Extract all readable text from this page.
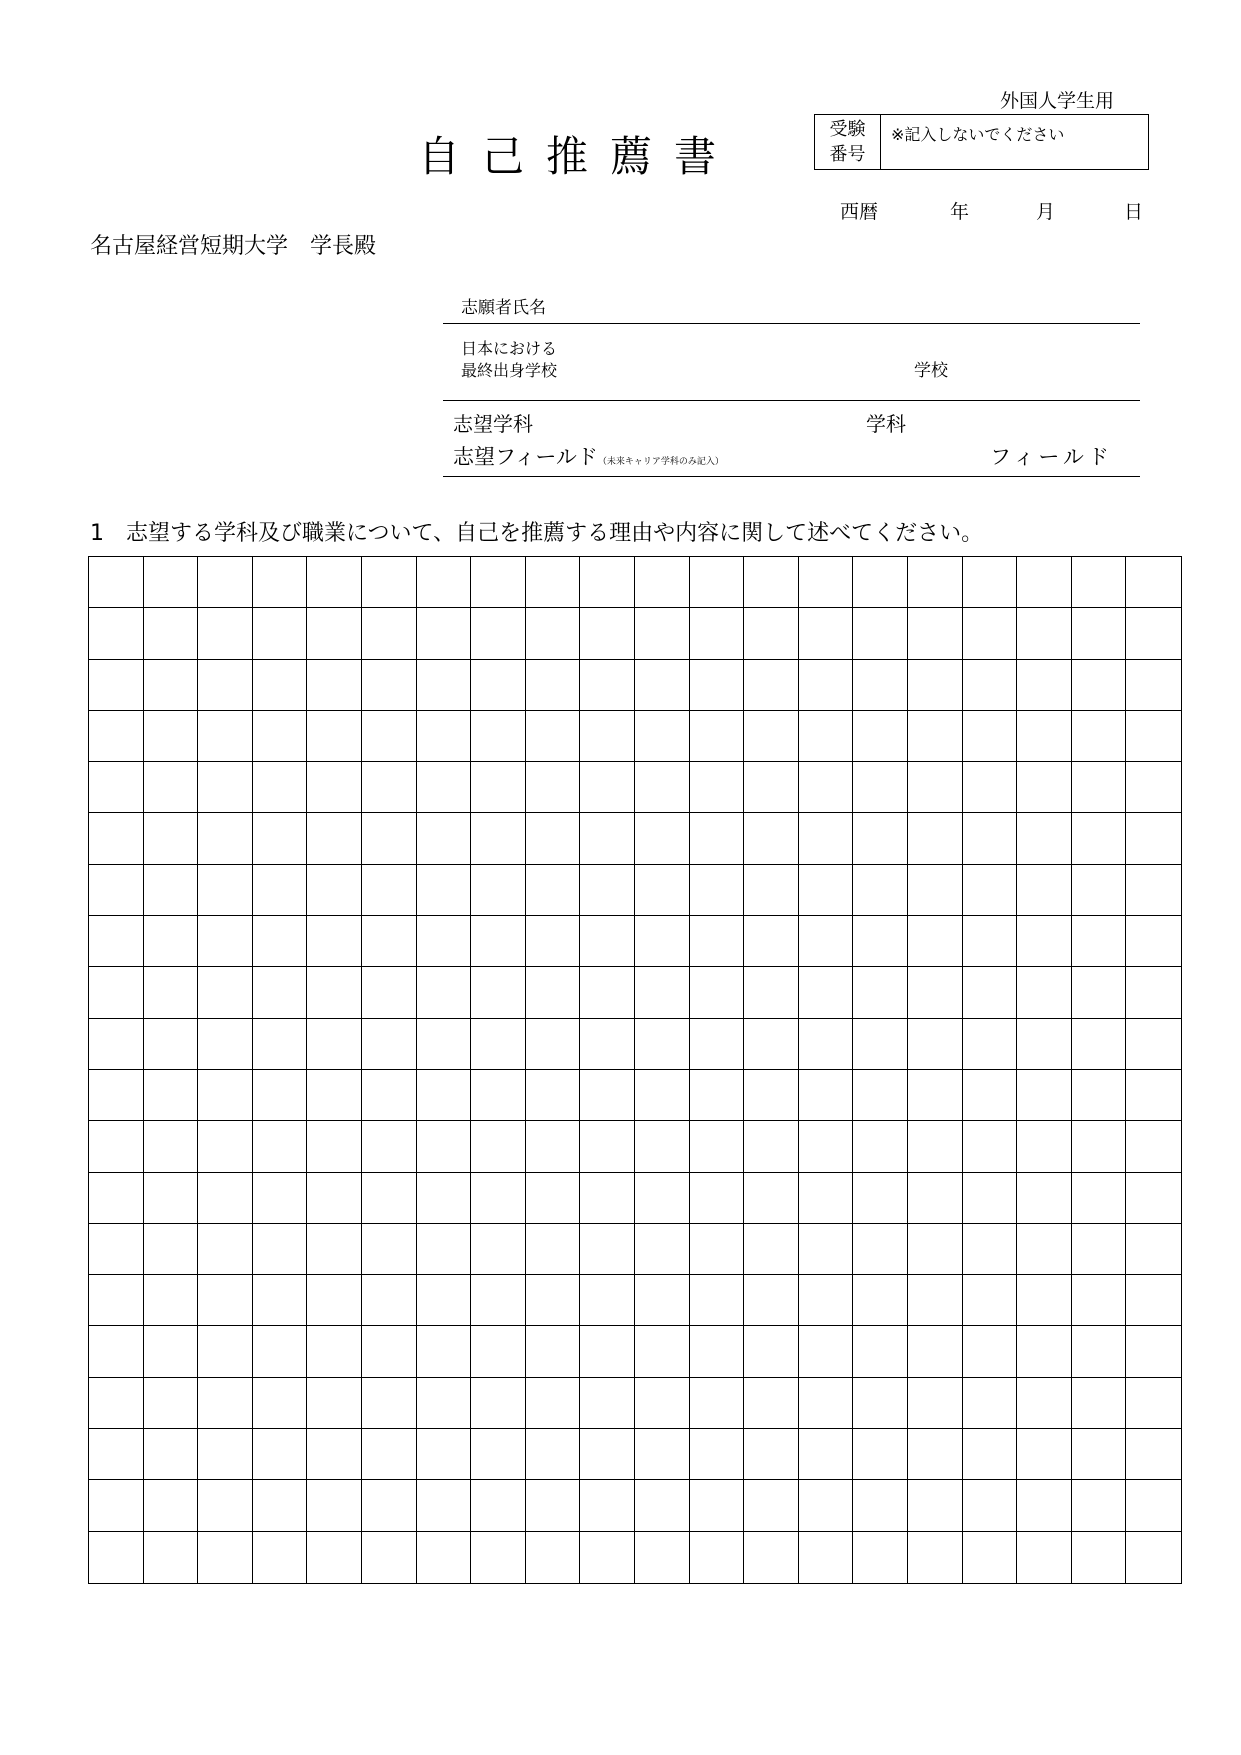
外国人学生用
自己推薦書
受験
番号
※記入しないでください
西暦	年	月	日
名古屋経営短期大学　学長殿
志願者氏名
日本における
最終出身学校	学校
志望学科	学科
志望フィールド（未来キャリア学科のみ記入）	フィールド
1　志望する学科及び職業について、自己を推薦する理由や内容に関して述べてください。
